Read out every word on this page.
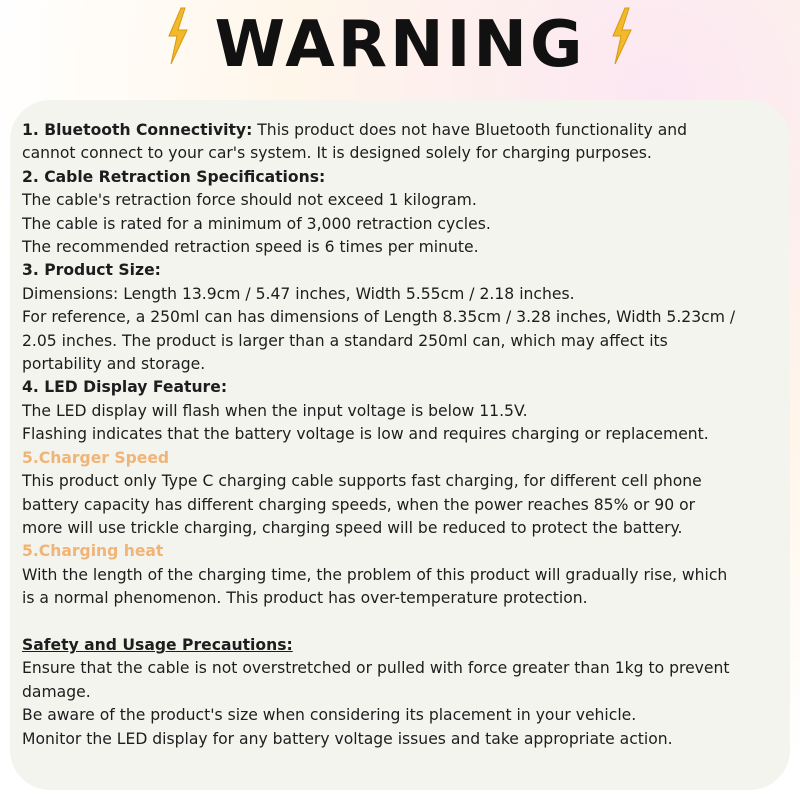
WARNING
1. Bluetooth Connectivity: This product does not have Bluetooth functionality and
cannot connect to your car's system. It is designed solely for charging purposes.
2. Cable Retraction Specifications:
The cable's retraction force should not exceed 1 kilogram.
The cable is rated for a minimum of 3,000 retraction cycles.
The recommended retraction speed is 6 times per minute.
3. Product Size:
Dimensions: Length 13.9cm / 5.47 inches, Width 5.55cm / 2.18 inches.
For reference, a 250ml can has dimensions of Length 8.35cm / 3.28 inches, Width 5.23cm /
2.05 inches. The product is larger than a standard 250ml can, which may affect its
portability and storage.
4. LED Display Feature:
The LED display will flash when the input voltage is below 11.5V.
Flashing indicates that the battery voltage is low and requires charging or replacement.
5.Charger Speed
This product only Type C charging cable supports fast charging, for different cell phone
battery capacity has different charging speeds, when the power reaches 85% or 90 or
more will use trickle charging, charging speed will be reduced to protect the battery.
5.Charging heat
With the length of the charging time, the problem of this product will gradually rise, which
is a normal phenomenon. This product has over-temperature protection.
Safety and Usage Precautions:
Ensure that the cable is not overstretched or pulled with force greater than 1kg to prevent
damage.
Be aware of the product's size when considering its placement in your vehicle.
Monitor the LED display for any battery voltage issues and take appropriate action.
